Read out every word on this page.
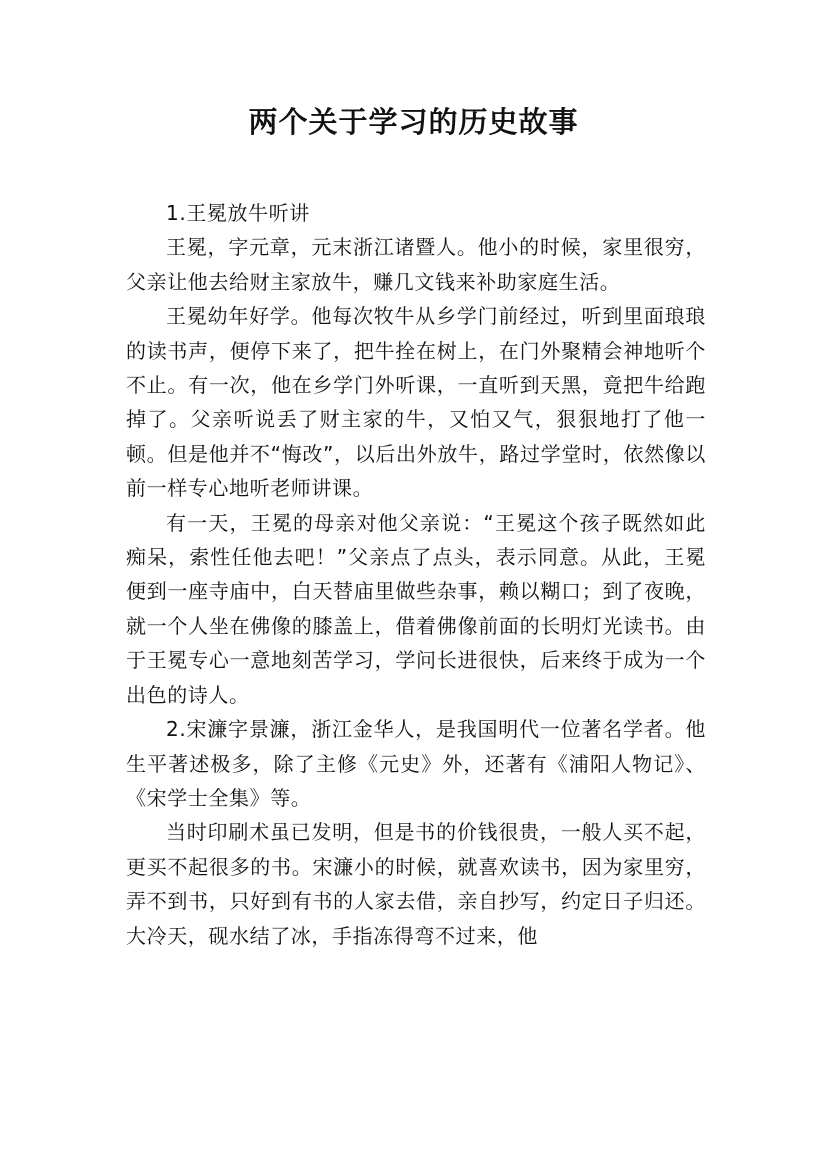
两个关于学习的历史故事

1.王冕放牛听讲

王冕，字元章，元末浙江诸暨人。他小的时候，家里很穷，父亲让他去给财主家放牛，赚几文钱来补助家庭生活。

王冕幼年好学。他每次牧牛从乡学门前经过，听到里面琅琅的读书声，便停下来了，把牛拴在树上，在门外聚精会神地听个不止。有一次，他在乡学门外听课，一直听到天黑，竟把牛给跑掉了。父亲听说丢了财主家的牛，又怕又气，狠狠地打了他一顿。但是他并不“悔改”，以后出外放牛，路过学堂时，依然像以前一样专心地听老师讲课。

有一天，王冕的母亲对他父亲说：“王冕这个孩子既然如此痴呆，索性任他去吧！”父亲点了点头，表示同意。从此，王冕便到一座寺庙中，白天替庙里做些杂事，赖以糊口；到了夜晚，就一个人坐在佛像的膝盖上，借着佛像前面的长明灯光读书。由于王冕专心一意地刻苦学习，学问长进很快，后来终于成为一个出色的诗人。

2.宋濂字景濂，浙江金华人，是我国明代一位著名学者。他生平著述极多，除了主修《元史》外，还著有《浦阳人物记》、《宋学士全集》等。

当时印刷术虽已发明，但是书的价钱很贵，一般人买不起，更买不起很多的书。宋濂小的时候，就喜欢读书，因为家里穷，弄不到书，只好到有书的人家去借，亲自抄写，约定日子归还。大冷天，砚水结了冰，手指冻得弯不过来，他
